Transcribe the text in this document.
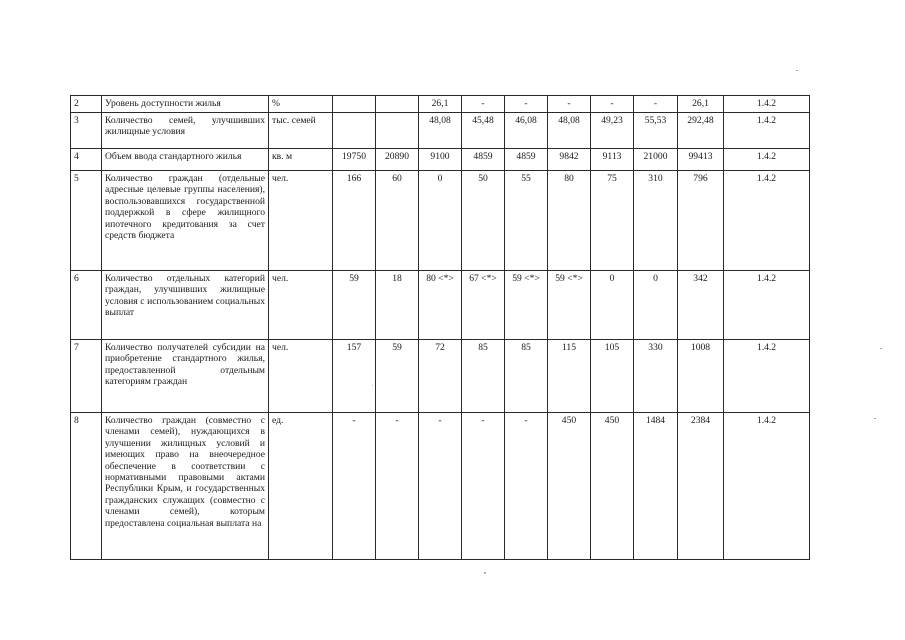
2	Уровень доступности жилья	%			26,1	-	-	-	-	-	26,1	1.4.2
3	Количество семей, улучшивших жилищные условия	тыс. семей			48,08	45,48	46,08	48,08	49,23	55,53	292,48	1.4.2
4	Объем ввода стандартного жилья	кв. м	19750	20890	9100	4859	4859	9842	9113	21000	99413	1.4.2
5	Количество граждан (отдельные адресные целевые группы населения), воспользовавшихся государственной поддержкой в сфере жилищного ипотечного кредитования за счет средств бюджета	чел.	166	60	0	50	55	80	75	310	796	1.4.2
6	Количество отдельных категорий граждан, улучшивших жилищные условия с использованием социальных выплат	чел.	59	18	80 <*>	67 <*>	59 <*>	59 <*>	0	0	342	1.4.2
7	Количество получателей субсидии на приобретение стандартного жилья, предоставленной отдельным категориям граждан	чел.	157	59	72	85	85	115	105	330	1008	1.4.2
8	Количество граждан (совместно с членами семей), нуждающихся в улучшении жилищных условий и имеющих право на внеочередное обеспечение в соответствии с нормативными правовыми актами Республики Крым, и государственных гражданских служащих (совместно с членами семей), которым предоставлена социальная выплата на	ед.	-	-	-	-	-	450	450	1484	2384	1.4.2
